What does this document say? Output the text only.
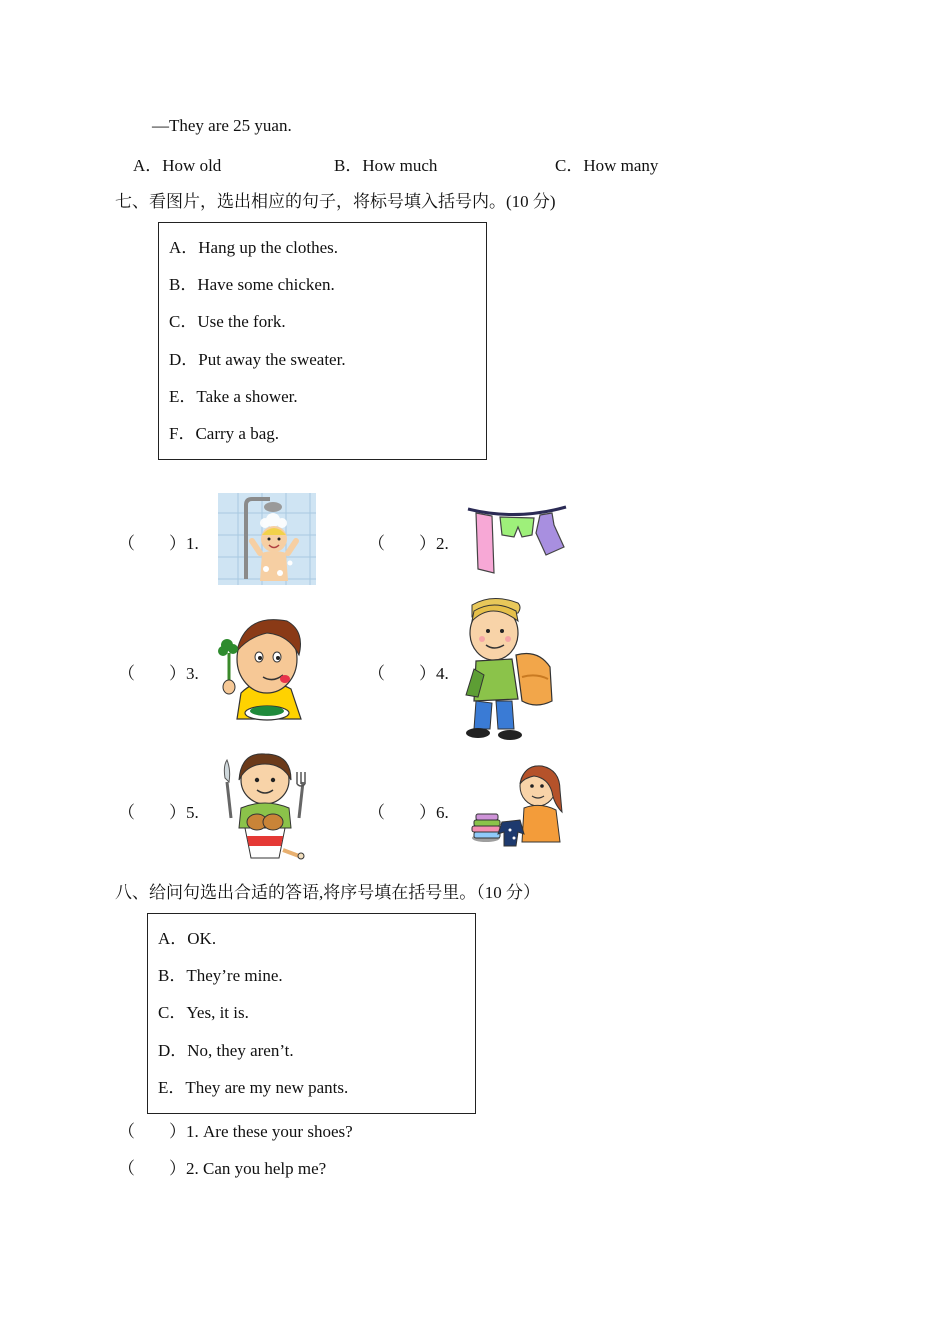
—They are 25 yuan.
A．How old	B．How much	C．How many
七、看图片，选出相应的句子，将标号填入括号内。(10 分)
A．Hang up the clothes.
B．Have some chicken.
C．Use the fork.
D．Put away the sweater.
E．Take a shower.
F．Carry a bag.
（　　）1.	（　　）2.
（　　）3.	（　　）4.
（　　）5.	（　　）6.
八、给问句选出合适的答语,将序号填在括号里。（10 分）
A．OK.
B．They’re mine.
C．Yes, it is.
D．No, they aren’t.
E．They are my new pants.
（　　）1. Are these your shoes?
（　　）2. Can you help me?
